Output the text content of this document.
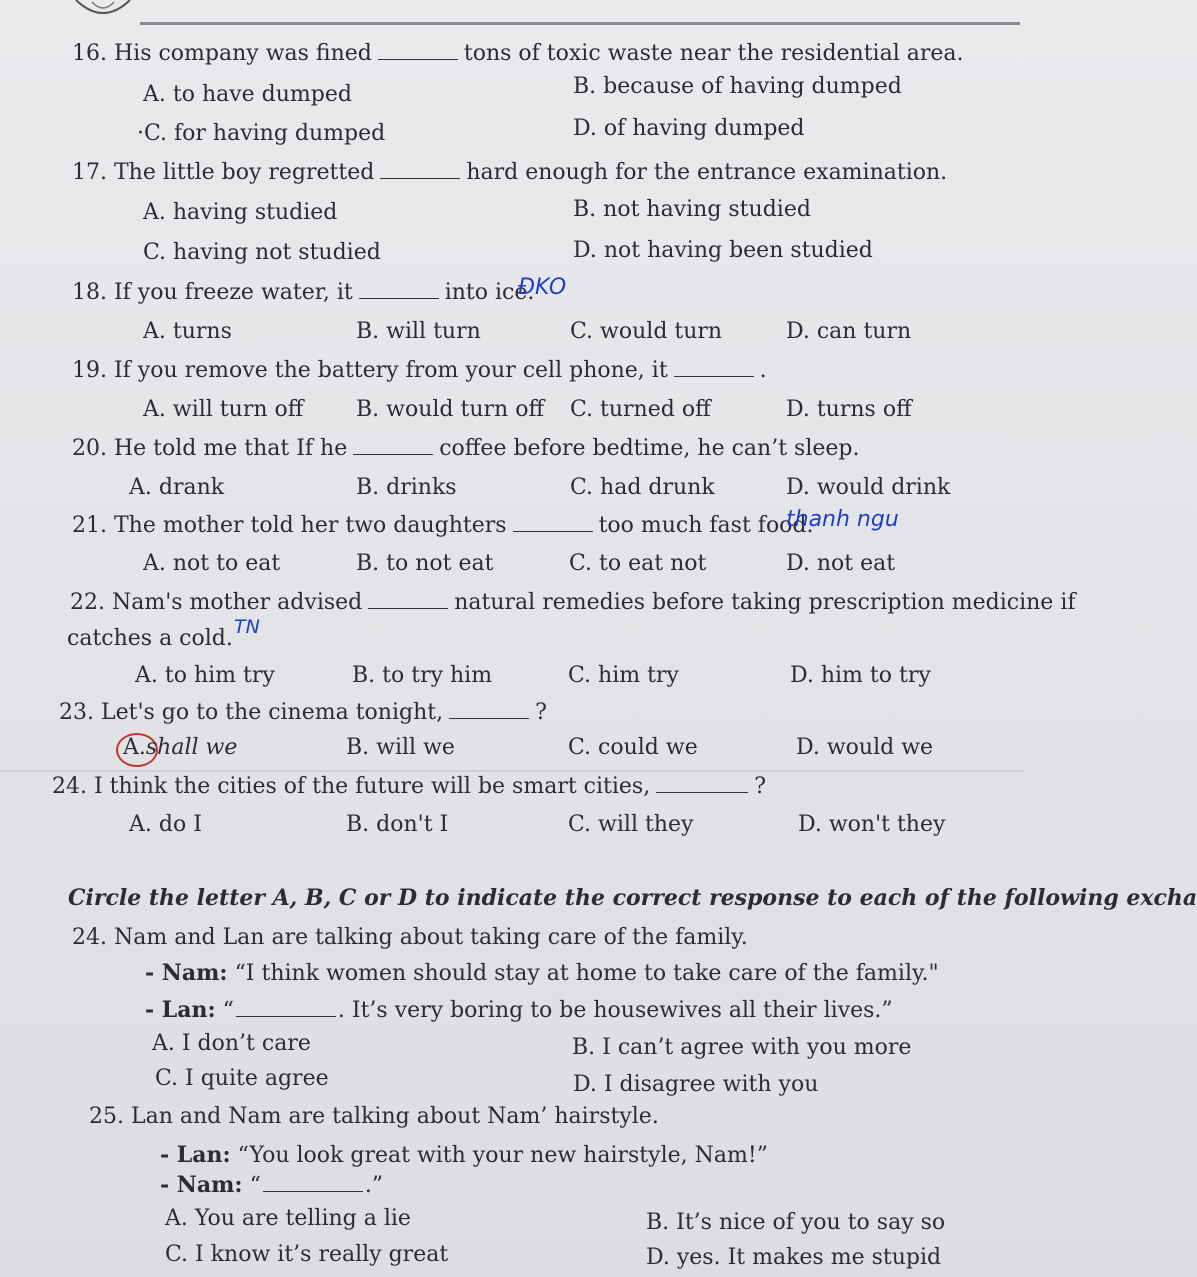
16. His company was fined	tons of toxic waste near the residential area.
A. to have dumped	B. because of having dumped
·C. for having dumped	D. of having dumped
17. The little boy regretted	hard enough for the entrance examination.
A. having studied	B. not having studied
C. having not studied	D. not having been studied
18. If you freeze water, it	into ice.
ĐKO
A. turns	B. will turn	C. would turn	D. can turn
19. If you remove the battery from your cell phone, it	.
A. will turn off B. would turn off C. turned off	D. turns off
20. He told me that If he	coffee before bedtime, he can’t sleep.
A. drank	B. drinks	C. had drunk	D. would drink
21. The mother told her two daughters	too much fast food.
thanh ngu
A. not to eat	B. to not eat	C. to eat not	D. not eat
22. Nam's mother advised	natural remedies before taking prescription medicine if
catches a cold. TN
A. to him try	B. to try him	C. him try	D. him to try
23. Let's go to the cinema tonight,	?
A.shall we	B. will we	C. could we	D. would we
24. I think the cities of the future will be smart cities,	?
A. do I	B. don't I	C. will they	D. won't they
Circle the letter A, B, C or D to indicate the correct response to each of the following excha
24. Nam and Lan are talking about taking care of the family.
- Nam: “I think women should stay at home to take care of the family."
- Lan: “	. It’s very boring to be housewives all their lives.”
A. I don’t care	B. I can’t agree with you more
C. I quite agree	D. I disagree with you
25. Lan and Nam are talking about Nam’ hairstyle.
- Lan: “You look great with your new hairstyle, Nam!”
- Nam: “	.”
A. You are telling a lie	B. It’s nice of you to say so
C. I know it’s really great	D. yes. It makes me stupid
